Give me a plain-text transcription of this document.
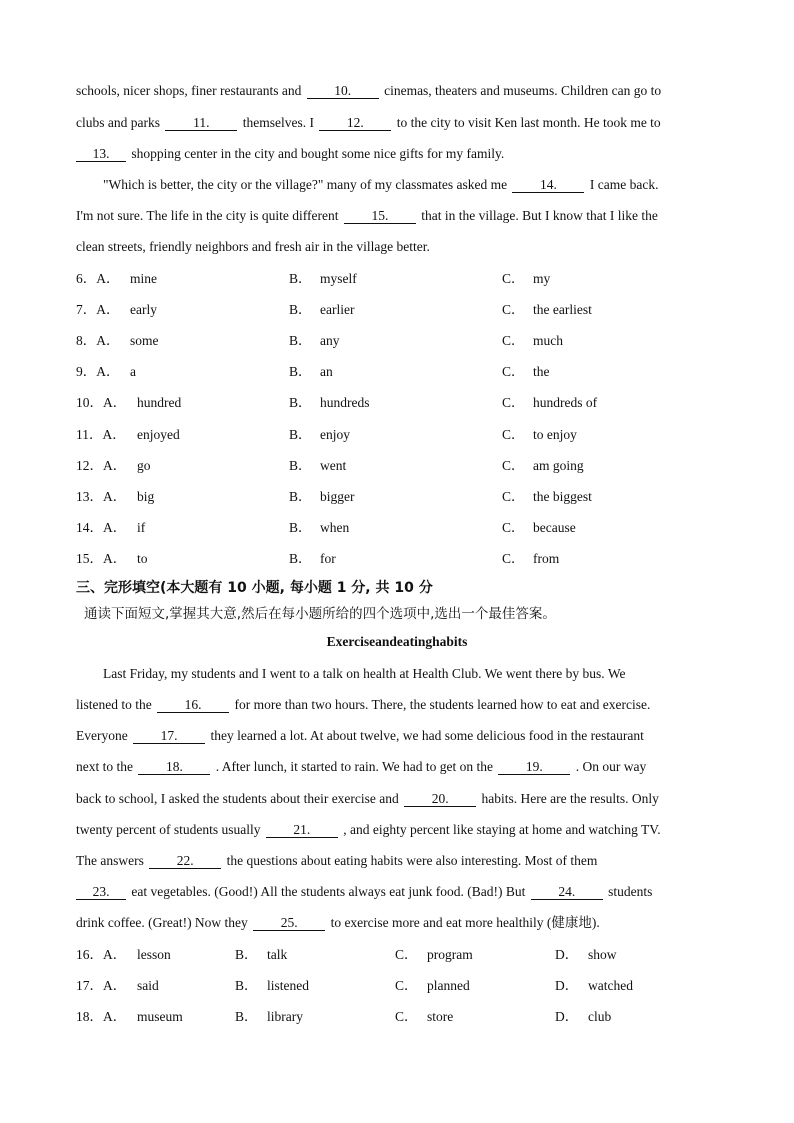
schools, nicer shops, finer restaurants and 10. cinemas, theaters and museums. Children can go to
clubs and parks 11. themselves. I 12. to the city to visit Ken last month. He took me to
13. shopping center in the city and bought some nice gifts for my family.
"Which is better, the city or the village?" many of my classmates asked me 14. I came back.
I'm not sure. The life in the city is quite different 15. that in the village. But I know that I like the
clean streets, friendly neighbors and fresh air in the village better.
6．A． mine	B． myself	C． my
7．A． early	B． earlier	C． the earliest
8．A． some	B． any	C． much
9．A． a	B． an	C． the
10．A． hundred	B． hundreds	C． hundreds of
11．A． enjoyed	B． enjoy	C． to enjoy
12．A． go	B． went	C． am going
13．A． big	B． bigger	C． the biggest
14．A． if	B． when	C． because
15．A． to	B． for	C． from
三、完形填空(本大题有 10 小题, 每小题 1 分, 共 10 分
通读下面短文,掌握其大意,然后在每小题所给的四个选项中,选出一个最佳答案。
Exerciseandeatinghabits
Last Friday, my students and I went to a talk on health at Health Club. We went there by bus. We
listened to the 16. for more than two hours. There, the students learned how to eat and exercise.
Everyone 17. they learned a lot. At about twelve, we had some delicious food in the restaurant
next to the 18. . After lunch, it started to rain. We had to get on the 19. . On our way
back to school, I asked the students about their exercise and 20. habits. Here are the results. Only
twenty percent of students usually 21. , and eighty percent like staying at home and watching TV.
The answers 22. the questions about eating habits were also interesting. Most of them
23. eat vegetables. (Good!) All the students always eat junk food. (Bad!) But 24. students
drink coffee. (Great!) Now they 25. to exercise more and eat more healthily (健康地).
16．A． lesson	B． talk	C． program	D． show
17．A． said	B． listened	C． planned	D． watched
18．A． museum	B． library	C． store	D． club
